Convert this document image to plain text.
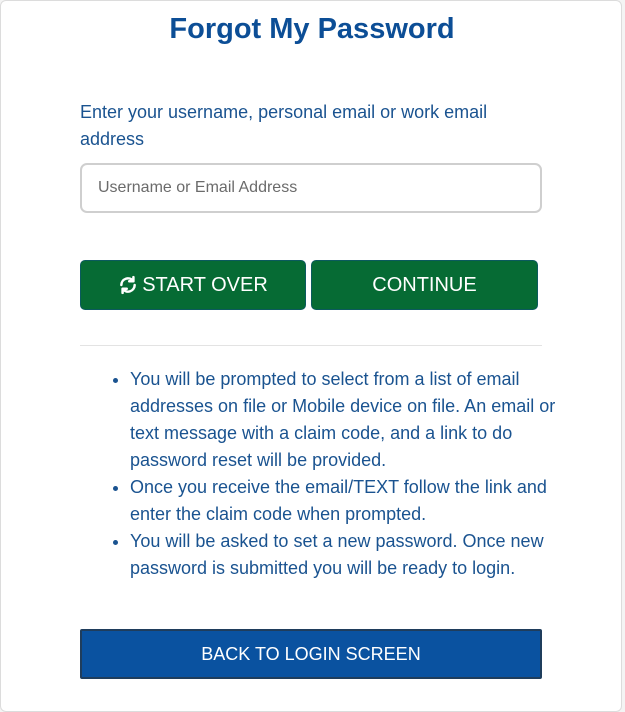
Forgot My Password

Enter your username, personal email or work email address

Username or Email Address
START OVER	CONTINUE
• You will be prompted to select from a list of email addresses on file or Mobile device on file. An email or text message with a claim code, and a link to do password reset will be provided.
• Once you receive the email/TEXT follow the link and enter the claim code when prompted.
• You will be asked to set a new password. Once new password is submitted you will be ready to login.
BACK TO LOGIN SCREEN
